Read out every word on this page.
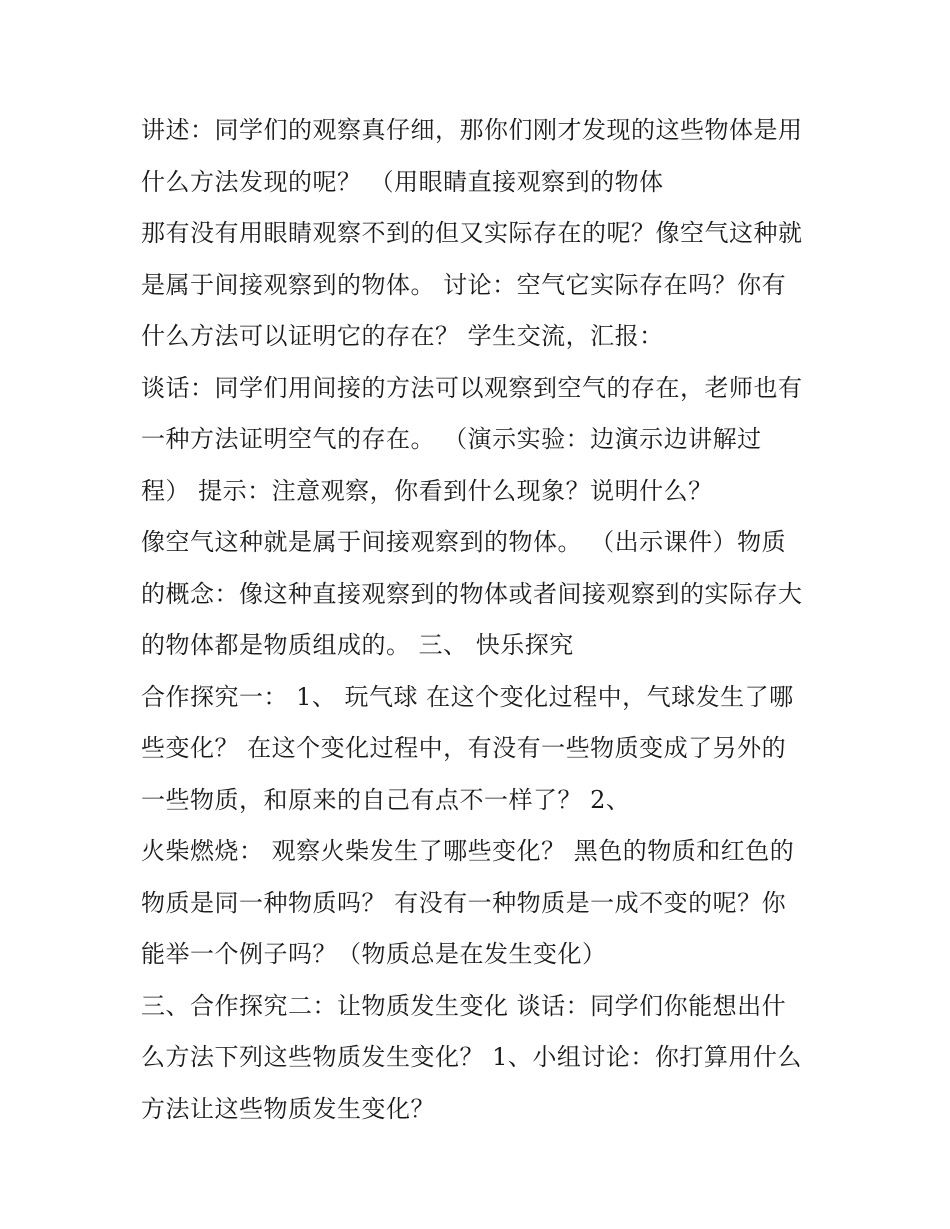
讲述：同学们的观察真仔细，那你们刚才发现的这些物体是用
什么方法发现的呢？ （用眼睛直接观察到的物体
那有没有用眼睛观察不到的但又实际存在的呢？像空气这种就
是属于间接观察到的物体。 讨论：空气它实际存在吗？你有
什么方法可以证明它的存在？ 学生交流，汇报：
谈话：同学们用间接的方法可以观察到空气的存在，老师也有
一种方法证明空气的存在。 （演示实验：边演示边讲解过
程） 提示：注意观察，你看到什么现象？说明什么？
像空气这种就是属于间接观察到的物体。 （出示课件）物质
的概念：像这种直接观察到的物体或者间接观察到的实际存大
的物体都是物质组成的。 三、 快乐探究
合作探究一： 1、 玩气球 在这个变化过程中，气球发生了哪
些变化？ 在这个变化过程中，有没有一些物质变成了另外的
一些物质，和原来的自己有点不一样了？ 2、
火柴燃烧： 观察火柴发生了哪些变化？ 黑色的物质和红色的
物质是同一种物质吗？ 有没有一种物质是一成不变的呢？你
能举一个例子吗？（物质总是在发生变化）
三、合作探究二：让物质发生变化 谈话：同学们你能想出什
么方法下列这些物质发生变化？ 1、小组讨论：你打算用什么
方法让这些物质发生变化？
